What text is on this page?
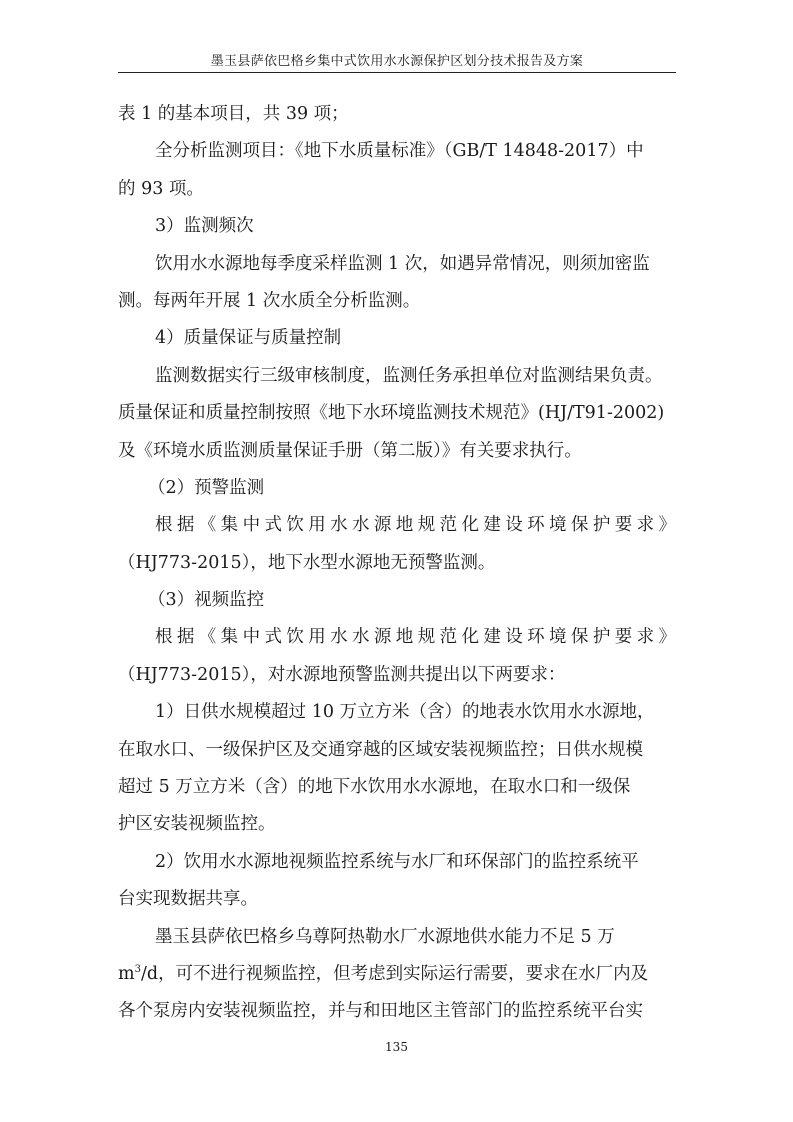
墨玉县萨依巴格乡集中式饮用水水源保护区划分技术报告及方案
表 1 的基本项目，共 39 项；
全分析监测项目：《地下水质量标准》（GB/T 14848-2017）中
的 93 项。
3）监测频次
饮用水水源地每季度采样监测 1 次，如遇异常情况，则须加密监
测。每两年开展 1 次水质全分析监测。
4）质量保证与质量控制
监测数据实行三级审核制度，监测任务承担单位对监测结果负责。
质量保证和质量控制按照《地下水环境监测技术规范》(HJ/T91-2002)
及《环境水质监测质量保证手册（第二版）》有关要求执行。
（2）预警监测
根据《集中式饮用水水源地规范化建设环境保护要求》
（HJ773-2015），地下水型水源地无预警监测。
（3）视频监控
根据《集中式饮用水水源地规范化建设环境保护要求》
（HJ773-2015），对水源地预警监测共提出以下两要求：
1）日供水规模超过 10 万立方米（含）的地表水饮用水水源地，
在取水口、一级保护区及交通穿越的区域安装视频监控；日供水规模
超过 5 万立方米（含）的地下水饮用水水源地，在取水口和一级保
护区安装视频监控。
2）饮用水水源地视频监控系统与水厂和环保部门的监控系统平
台实现数据共享。
墨玉县萨依巴格乡乌尊阿热勒水厂水源地供水能力不足 5 万
$m^3/d$，可不进行视频监控，但考虑到实际运行需要，要求在水厂内及
各个泵房内安装视频监控，并与和田地区主管部门的监控系统平台实
135
